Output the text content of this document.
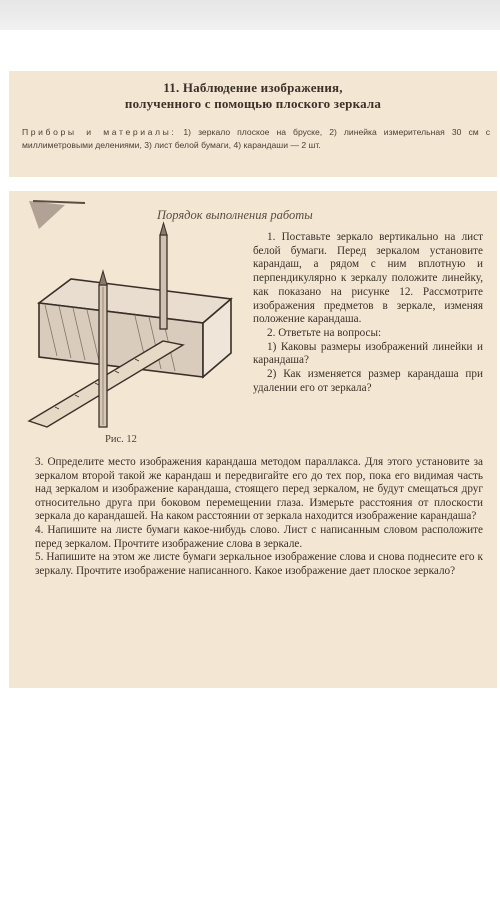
11. Наблюдение изображения,
полученного с помощью плоского зеркала
Приборы и материалы: 1) зеркало плоское на бруске, 2) линейка измерительная 30 см с миллиметровыми делениями, 3) лист белой бумаги, 4) карандаши — 2 шт.
Порядок выполнения работы
Рис. 12

1. Поставьте зеркало вертикально на лист белой бумаги. Перед зеркалом установите карандаш, а рядом с ним вплотную и перпендикулярно к зеркалу положите линейку, как показано на рисунке 12. Рассмотрите изображения предметов в зеркале, изменяя положение карандаша.

2. Ответьте на вопросы:

1) Каковы размеры изображений линейки и карандаша?

2) Как изменяется размер карандаша при удалении его от зеркала?

3. Определите место изображения карандаша методом параллакса. Для этого установите за зеркалом второй такой же карандаш и передвигайте его до тех пор, пока его видимая часть над зеркалом и изображение карандаша, стоящего перед зеркалом, не будут смещаться друг относительно друга при боковом перемещении глаза. Измерьте расстояния от плоскости зеркала до карандашей. На каком расстоянии от зеркала находится изображение карандаша?

4. Напишите на листе бумаги какое-нибудь слово. Лист с написанным словом расположите перед зеркалом. Прочтите изображение слова в зеркале.

5. Напишите на этом же листе бумаги зеркальное изображение слова и снова поднесите его к зеркалу. Прочтите изображение написанного. Какое изображение дает плоское зеркало?
